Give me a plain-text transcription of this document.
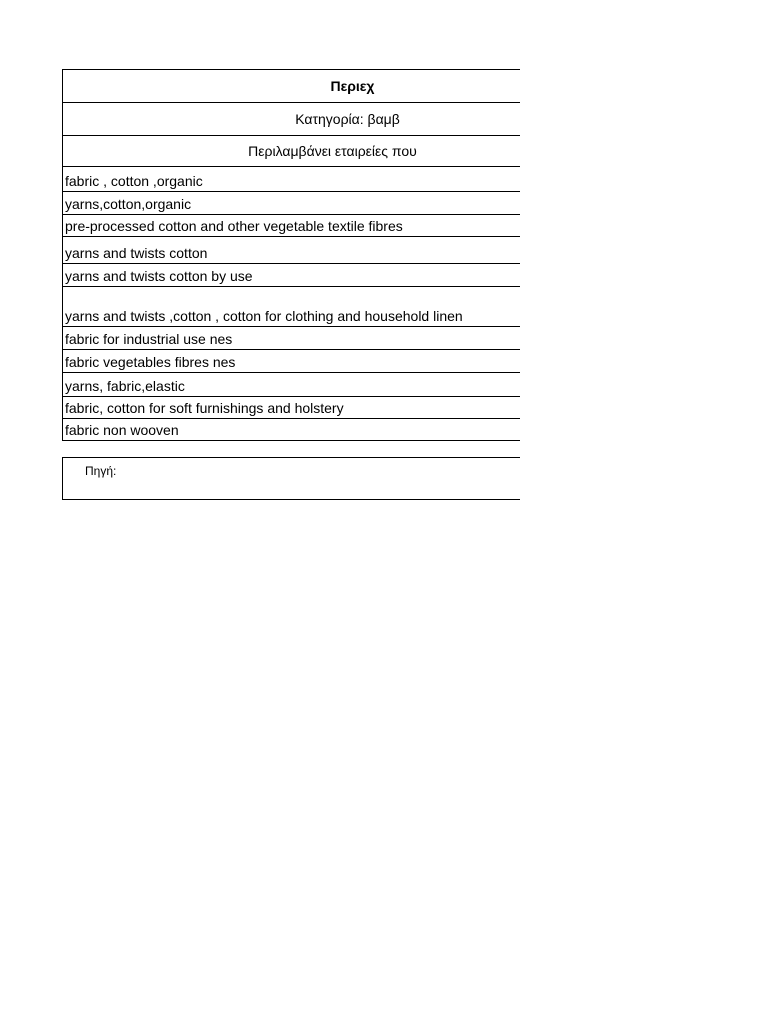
Περιεχ
Κατηγορία: βαμβ
Περιλαμβάνει εταιρείες που
fabric , cotton ,organic
yarns,cotton,organic
pre-processed cotton and other vegetable textile fibres
yarns and twists cotton
yarns and twists cotton by use
yarns and twists ,cotton , cotton for clothing and household linen
fabric for industrial use nes
fabric vegetables fibres nes
yarns, fabric,elastic
fabric, cotton for soft furnishings and holstery
fabric non wooven
Πηγή:
